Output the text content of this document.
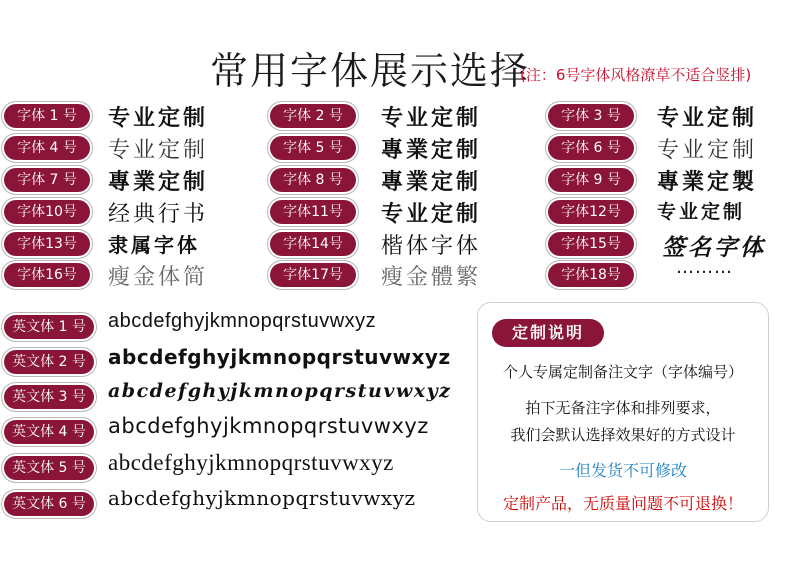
常用字体展示选择
(注：6号字体风格潦草不适合竖排)
字体 1 号	专业定制	字体 2 号	专业定制	字体 3 号	专业定制
字体 4 号	专业定制	字体 5 号	專業定制	字体 6 号	专业定制
字体 7 号	專業定制	字体 8 号	專業定制	字体 9 号	專業定製
字体10号	经典行书	字体11号	专业定制	字体12号	专业定制
字体13号	隶属字体	字体14号	楷体字体	字体15号	签名字体
字体16号	瘦金体简	字体17号	瘦金體繁	字体18号	………
英文体 1 号	abcdefghyjkmnopqrstuvwxyz
英文体 2 号	abcdefghyjkmnopqrstuvwxyz
英文体 3 号	abcdefghyjkmnopqrstuvwxyz
英文体 4 号	abcdefghyjkmnopqrstuvwxyz
英文体 5 号 abcdefghyjkmnopqrstuvwxyz
英文体 6 号	abcdefghyjkmnopqrstuvwxyz
定制说明
个人专属定制备注文字（字体编号）
拍下无备注字体和排列要求，
我们会默认选择效果好的方式设计
一但发货不可修改
定制产品，无质量问题不可退换！
